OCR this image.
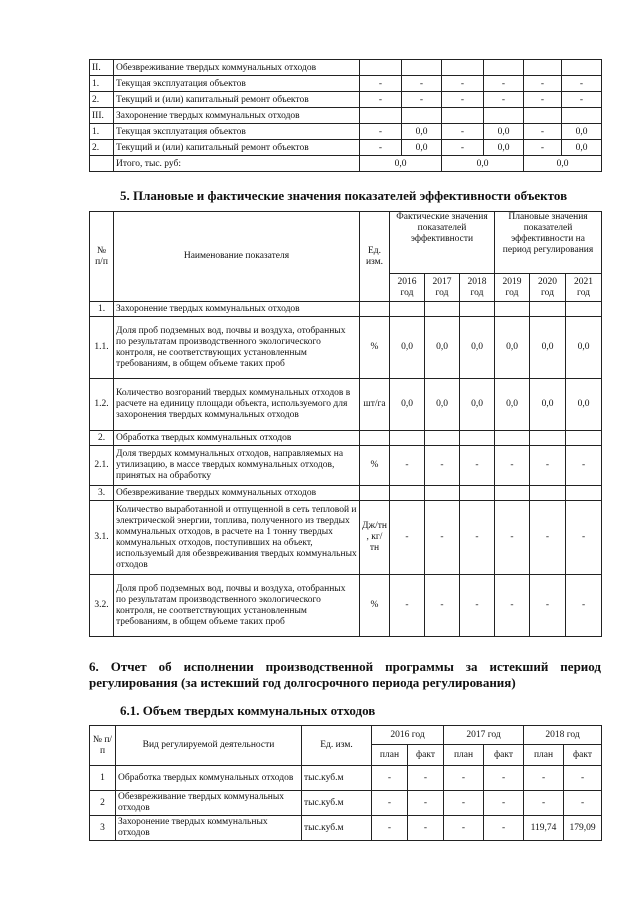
II.	Обезвреживание твердых коммунальных отходов						
1.	Текущая эксплуатация объектов	-	-	-	-	-	-
2.	Текущий и (или) капитальный ремонт объектов	-	-	-	-	-	-
III.	Захоронение твердых коммунальных отходов						
1.	Текущая эксплуатация объектов	-	0,0	-	0,0	-	0,0
2.	Текущий и (или) капитальный ремонт объектов	-	0,0	-	0,0	-	0,0
	Итого, тыс. руб:	0,0		0,0		0,0	
5. Плановые и фактические значения показателей эффективности объектов
№ п/п	Наименование показателя	Ед. изм.	Фактические значения показателей эффективности			Плановые значения показателей эффективности на период регулирования		
			2016 год	2017 год	2018 год	2019 год	2020 год	2021 год
1.	Захоронение твердых коммунальных отходов							
1.1.	Доля проб подземных вод, почвы и воздуха, отобранных по результатам производственного экологического контроля, не соответствующих установленным требованиям, в общем объеме таких проб	%	0,0	0,0	0,0	0,0	0,0	0,0
1.2.	Количество возгораний твердых коммунальных отходов в расчете на единицу площади объекта, используемого для захоронения твердых коммунальных отходов	шт/га	0,0	0,0	0,0	0,0	0,0	0,0
2.	Обработка твердых коммунальных отходов							
2.1.	Доля твердых коммунальных отходов, направляемых на утилизацию, в массе твердых коммунальных отходов, принятых на обработку	%	-	-	-	-	-	-
3.	Обезвреживание твердых коммунальных отходов							
3.1.	Количество выработанной и отпущенной в сеть тепловой и электрической энергии, топлива, полученного из твердых коммунальных отходов, в расчете на 1 тонну твердых коммунальных отходов, поступивших на объект, используемый для обезвреживания твердых коммунальных отходов	Дж/тн , кг/тн	-	-	-	-	-	-
3.2.	Доля проб подземных вод, почвы и воздуха, отобранных по результатам производственного экологического контроля, не соответствующих установленным требованиям, в общем объеме таких проб	%	-	-	-	-	-	-
6. Отчет об исполнении производственной программы за истекший период
регулирования (за истекший год долгосрочного периода регулирования)
6.1. Объем твердых коммунальных отходов
№ п/ п	Вид регулируемой деятельности	Ед. изм.	2016 год		2017 год		2018 год	
			план	факт	план	факт	план	факт
1	Обработка твердых коммунальных отходов	тыс.куб.м	-	-	-	-	-	-
2	Обезвреживание твердых коммунальных отходов	тыс.куб.м	-	-	-	-	-	-
3	Захоронение твердых коммунальных отходов	тыс.куб.м	-	-	-	-	119,74	179,09
